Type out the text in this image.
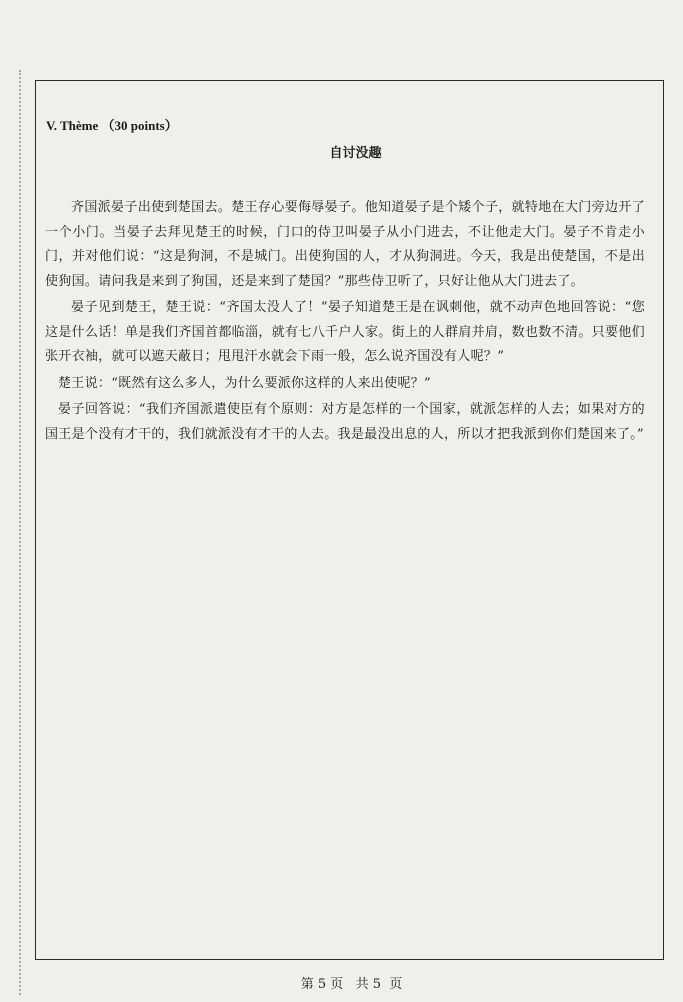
V. Thème （30 points）
自讨没趣

齐国派晏子出使到楚国去。楚王存心要侮辱晏子。他知道晏子是个矮个子，就特地在大门旁边开了一个小门。当晏子去拜见楚王的时候，门口的侍卫叫晏子从小门进去，不让他走大门。晏子不肯走小门，并对他们说：“这是狗洞，不是城门。出使狗国的人，才从狗洞进。今天，我是出使楚国，不是出使狗国。请问我是来到了狗国，还是来到了楚国？”那些侍卫听了，只好让他从大门进去了。

晏子见到楚王，楚王说：“齐国太没人了！”晏子知道楚王是在讽刺他，就不动声色地回答说：“您这是什么话！单是我们齐国首都临淄，就有七八千户人家。街上的人群肩并肩，数也数不清。只要他们张开衣袖，就可以遮天蔽日；甩甩汗水就会下雨一般，怎么说齐国没有人呢？”

楚王说：“既然有这么多人，为什么要派你这样的人来出使呢？”

晏子回答说：“我们齐国派遣使臣有个原则：对方是怎样的一个国家，就派怎样的人去；如果对方的国王是个没有才干的，我们就派没有才干的人去。我是最没出息的人，所以才把我派到你们楚国来了。”

第 5 页   共 5  页
